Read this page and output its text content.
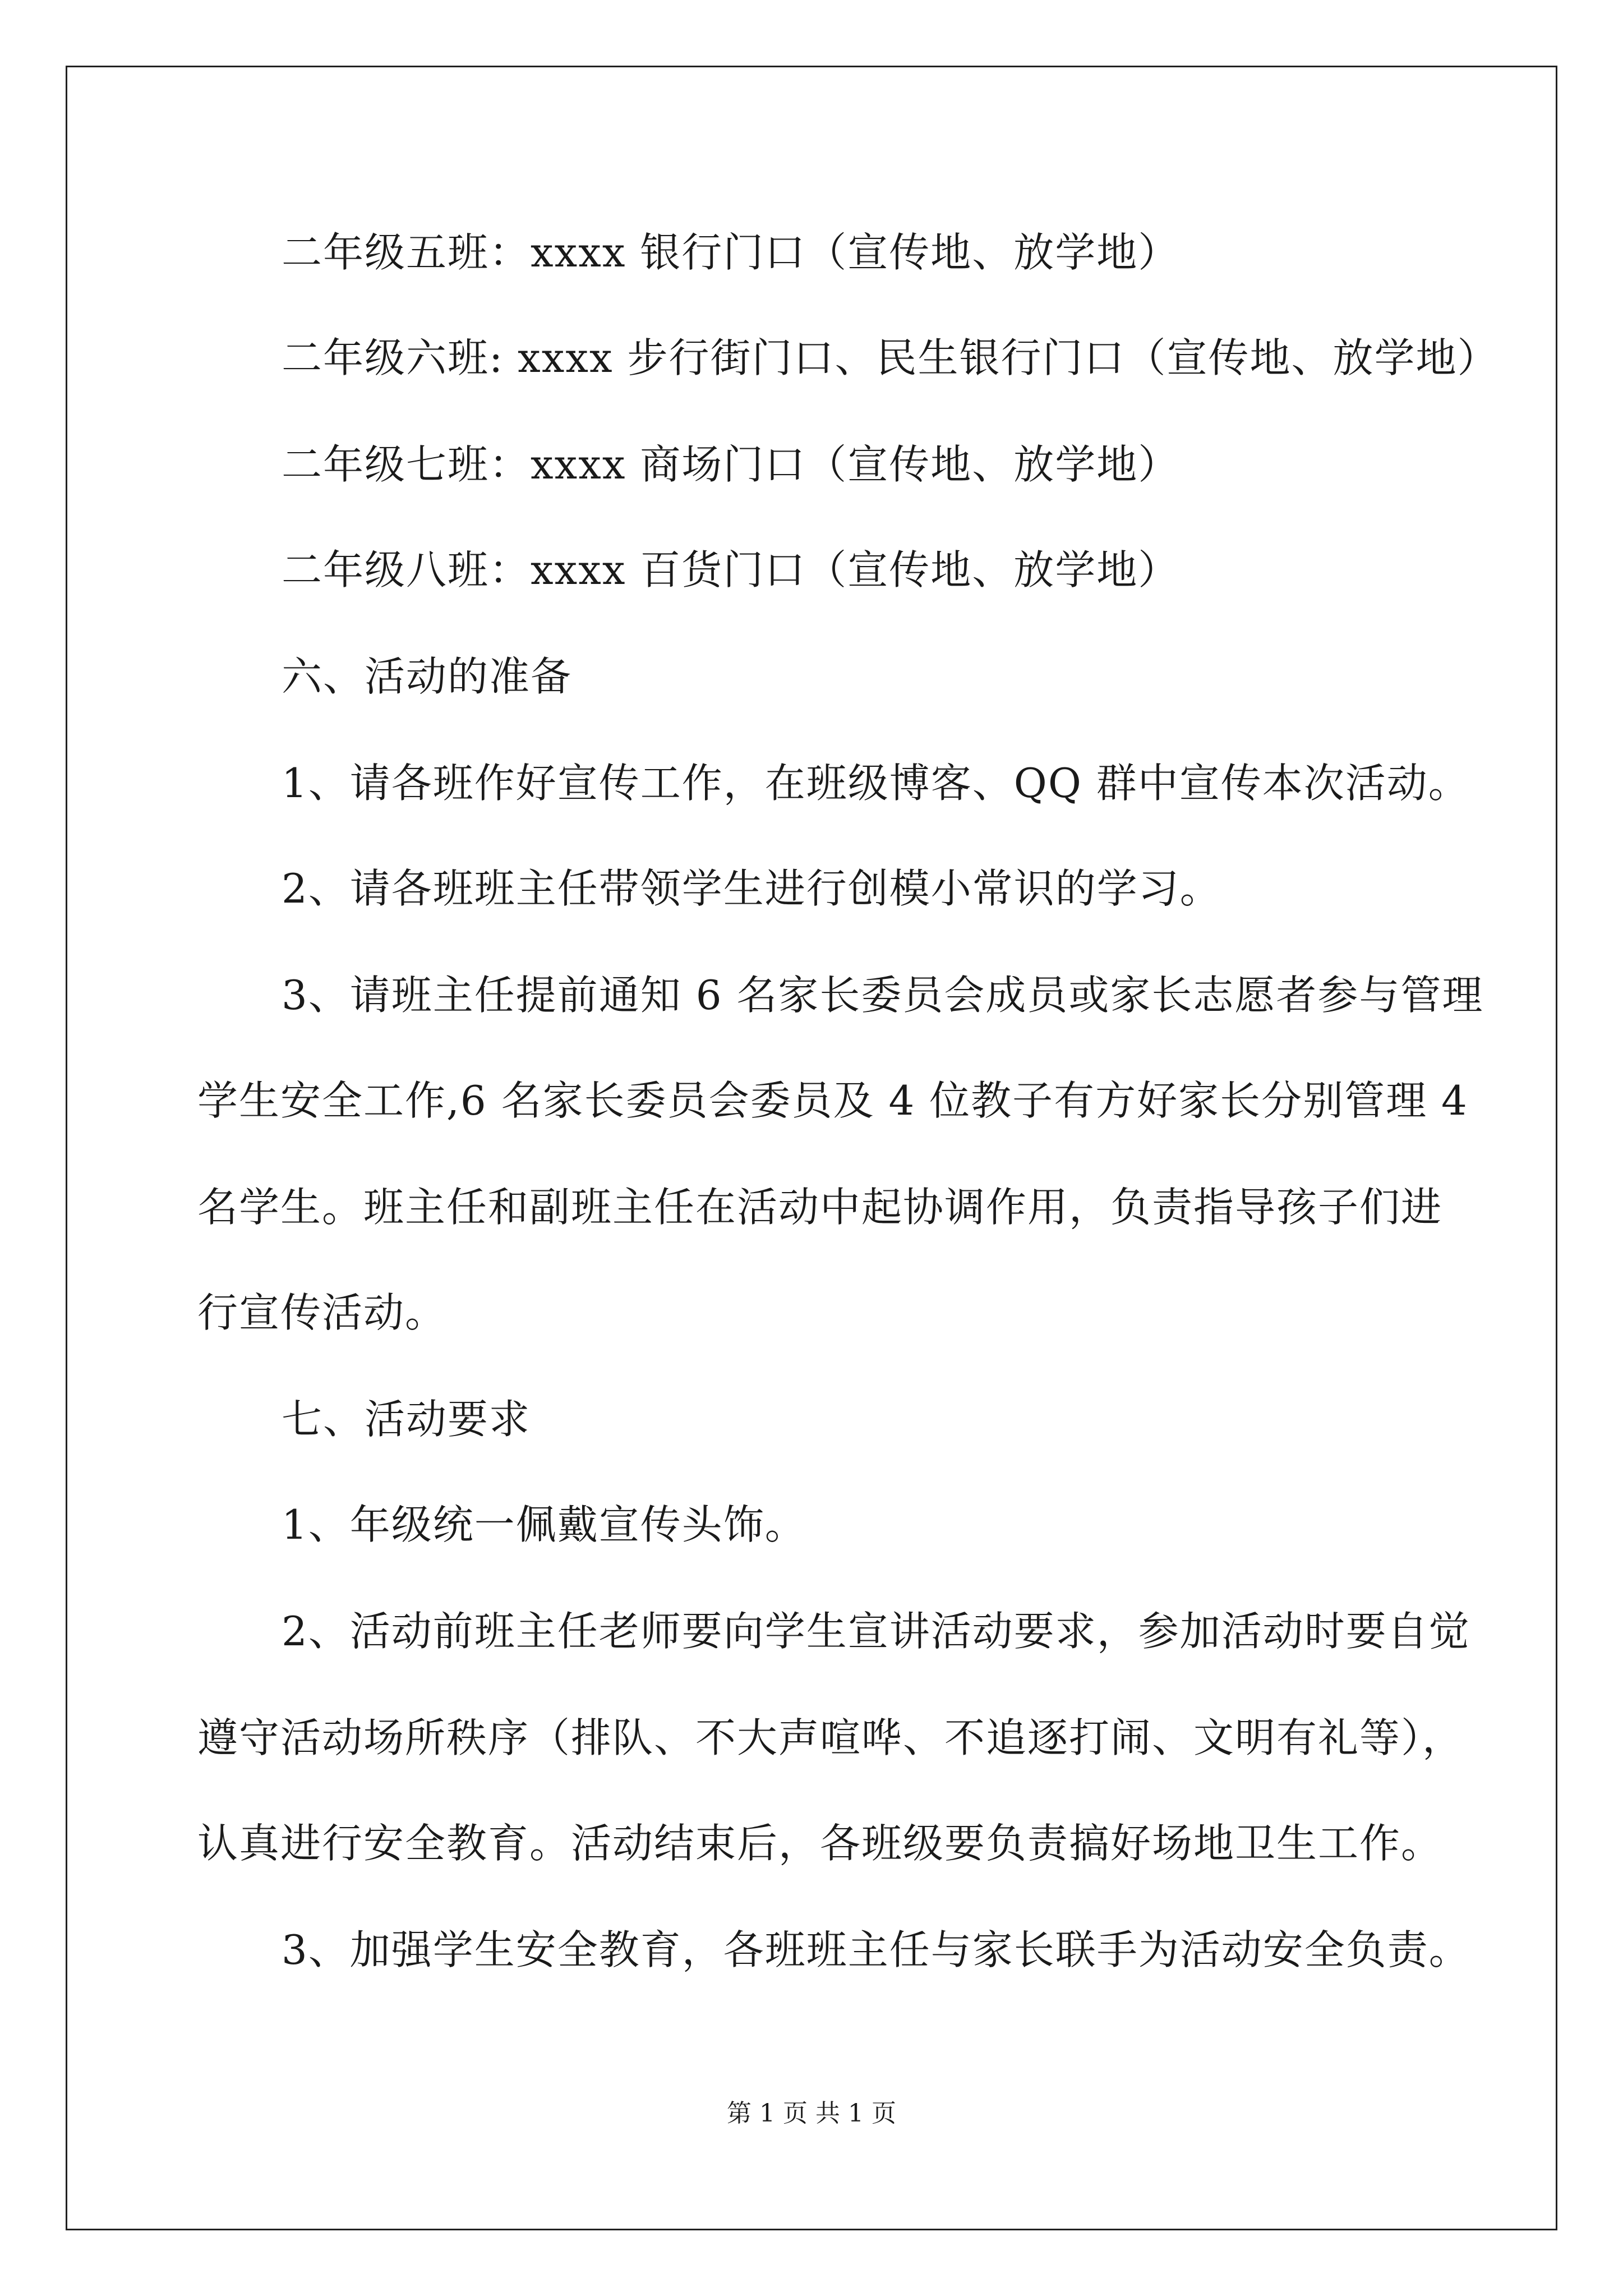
二年级五班：xxxx 银行门口（宣传地、放学地）
二年级六班: xxxx 步行街门口、民生银行门口（宣传地、放学地）
二年级七班：xxxx 商场门口（宣传地、放学地）
二年级八班：xxxx 百货门口（宣传地、放学地）
六、活动的准备
1、请各班作好宣传工作，在班级博客、QQ 群中宣传本次活动。
2、请各班班主任带领学生进行创模小常识的学习。
3、请班主任提前通知 6 名家长委员会成员或家长志愿者参与管理
学生安全工作,6 名家长委员会委员及 4 位教子有方好家长分别管理 4
名学生。班主任和副班主任在活动中起协调作用，负责指导孩子们进
行宣传活动。
七、活动要求
1、年级统一佩戴宣传头饰。
2、活动前班主任老师要向学生宣讲活动要求，参加活动时要自觉
遵守活动场所秩序（排队、不大声喧哗、不追逐打闹、文明有礼等），
认真进行安全教育。活动结束后，各班级要负责搞好场地卫生工作。
3、加强学生安全教育，各班班主任与家长联手为活动安全负责。
第 1 页 共 1 页
